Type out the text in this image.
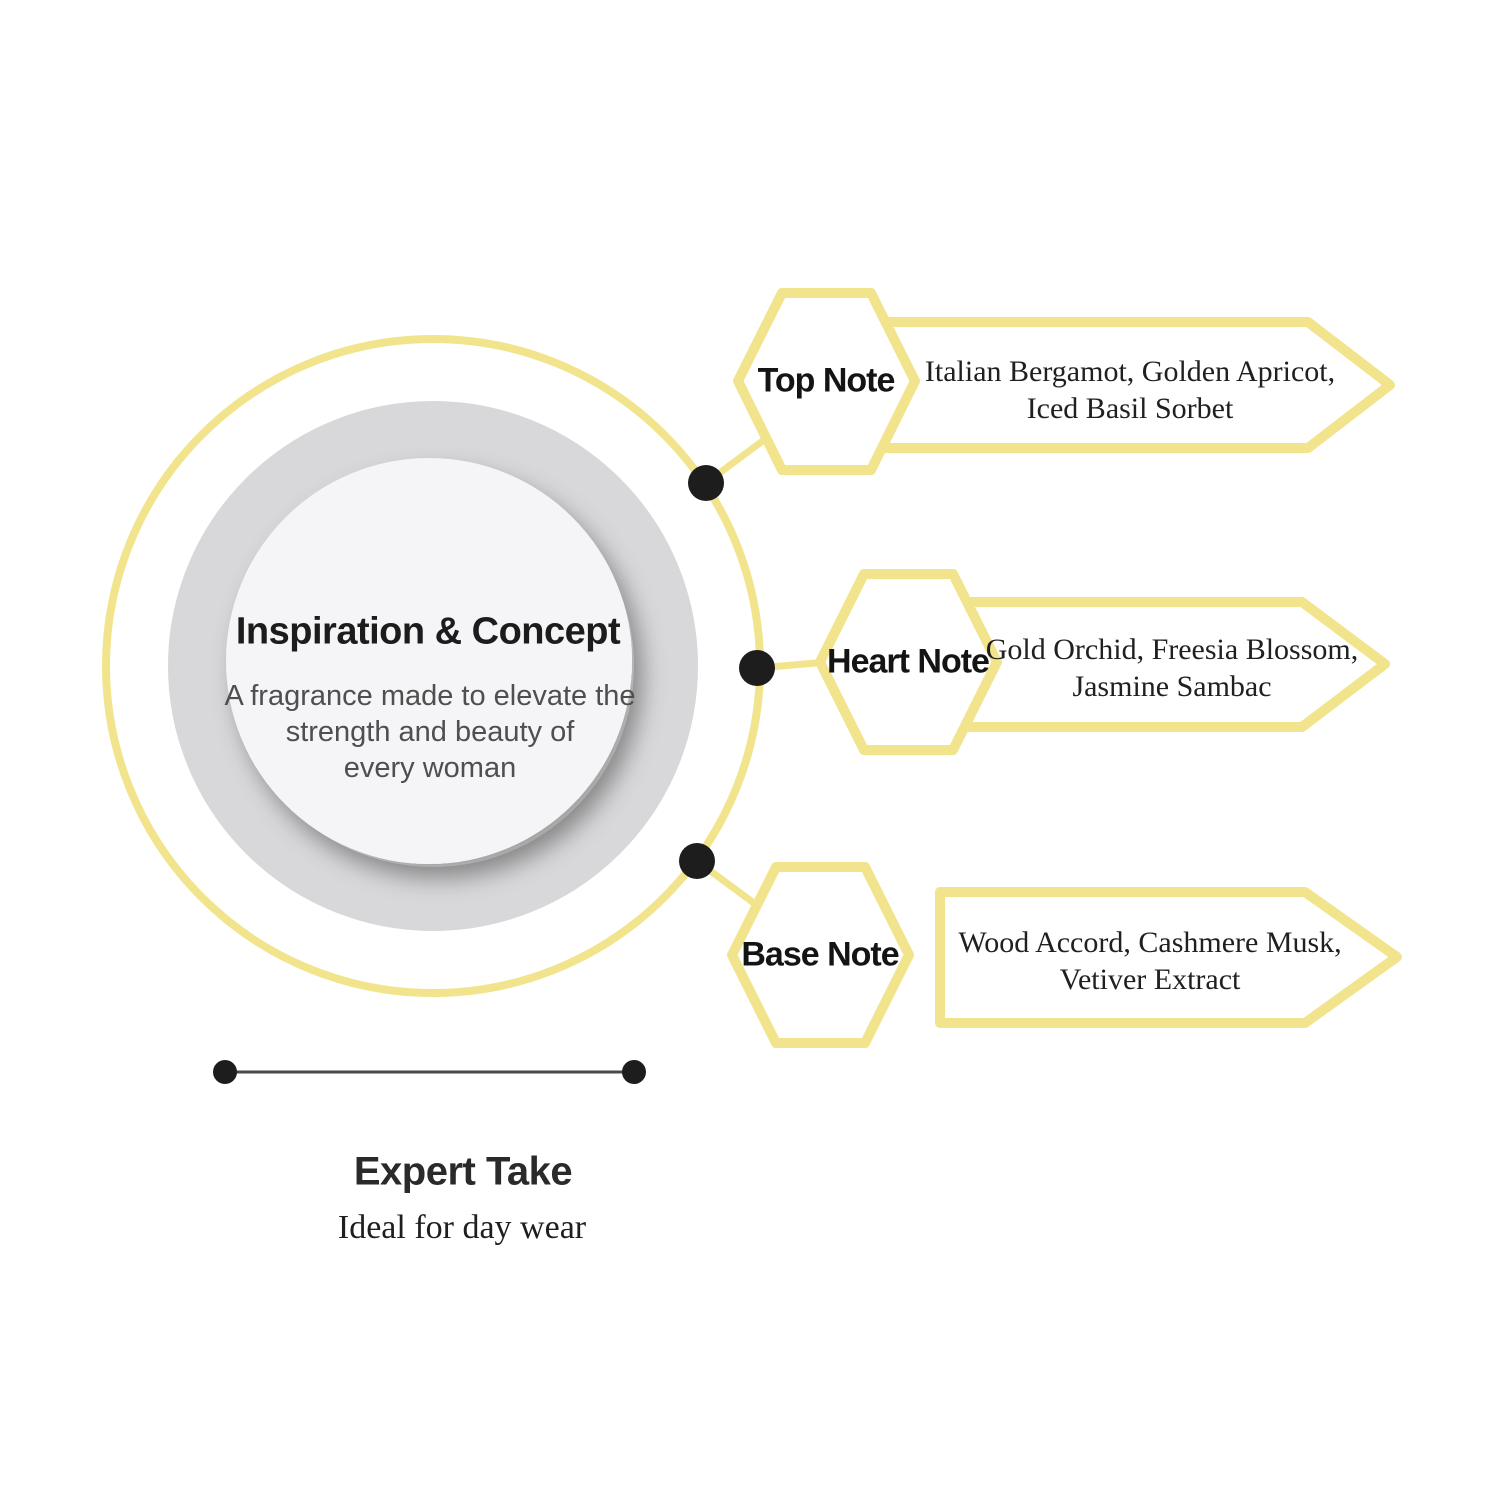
Inspiration & Concept
A fragrance made to elevate the
strength and beauty of
every woman
Top Note
Heart Note
Base Note
Italian Bergamot, Golden Apricot,
Iced Basil Sorbet
Gold Orchid, Freesia Blossom,
Jasmine Sambac
Wood Accord, Cashmere Musk,
Vetiver Extract
Expert Take
Ideal for day wear
